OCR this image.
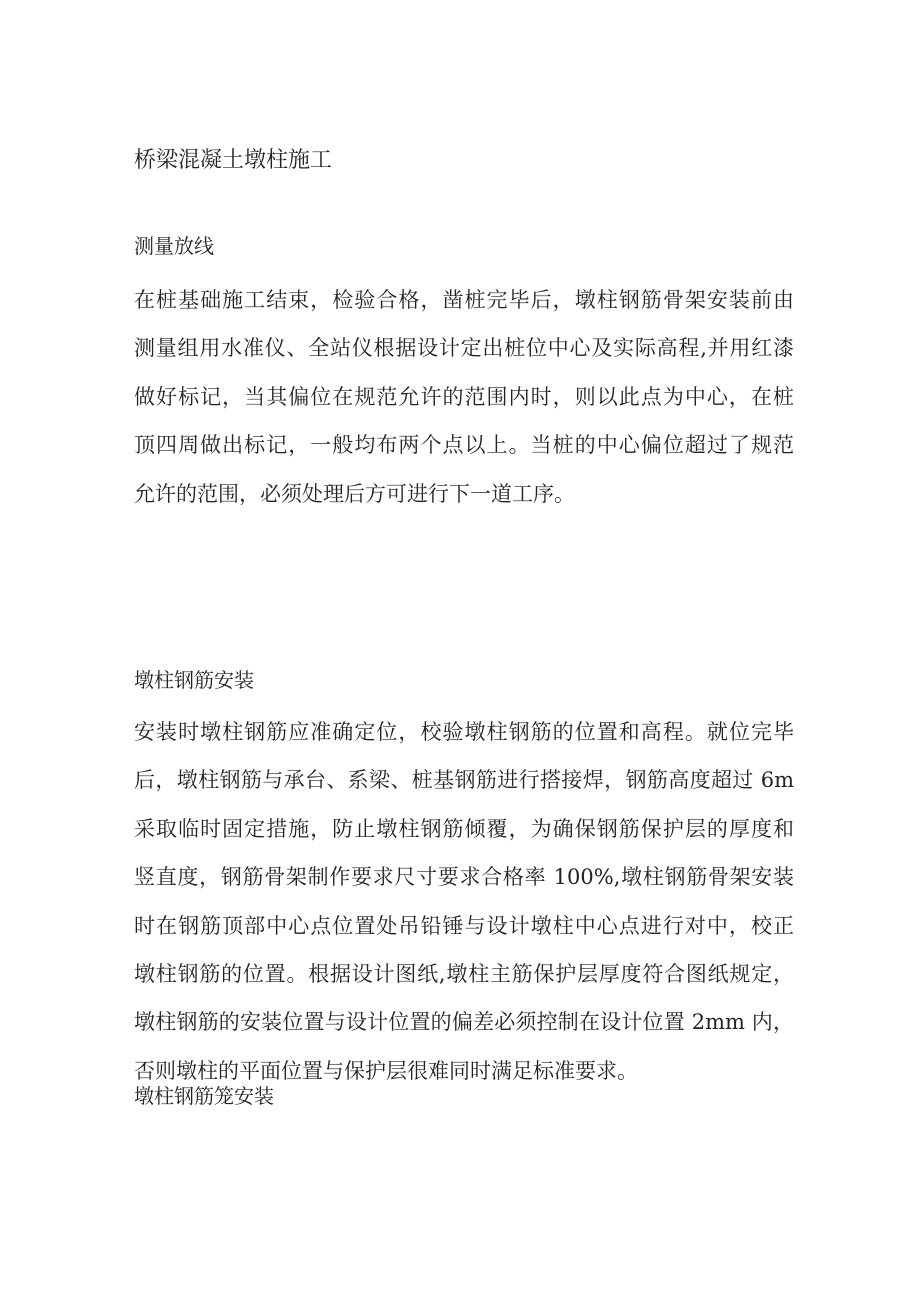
桥梁混凝土墩柱施工
测量放线

在桩基础施工结束，检验合格，凿桩完毕后，墩柱钢筋骨架安装前由
测量组用水准仪、全站仪根据设计定出桩位中心及实际高程,并用红漆
做好标记，当其偏位在规范允许的范围内时，则以此点为中心，在桩
顶四周做出标记，一般均布两个点以上。当桩的中心偏位超过了规范
允许的范围，必须处理后方可进行下一道工序。

墩柱钢筋安装

安装时墩柱钢筋应准确定位，校验墩柱钢筋的位置和高程。就位完毕
后，墩柱钢筋与承台、系梁、桩基钢筋进行搭接焊，钢筋高度超过 6m
采取临时固定措施，防止墩柱钢筋倾覆，为确保钢筋保护层的厚度和
竖直度，钢筋骨架制作要求尺寸要求合格率 100%,墩柱钢筋骨架安装
时在钢筋顶部中心点位置处吊铅锤与设计墩柱中心点进行对中，校正
墩柱钢筋的位置。根据设计图纸,墩柱主筋保护层厚度符合图纸规定，
墩柱钢筋的安装位置与设计位置的偏差必须控制在设计位置 2mm 内，
否则墩柱的平面位置与保护层很难同时满足标准要求。

墩柱钢筋笼安装
